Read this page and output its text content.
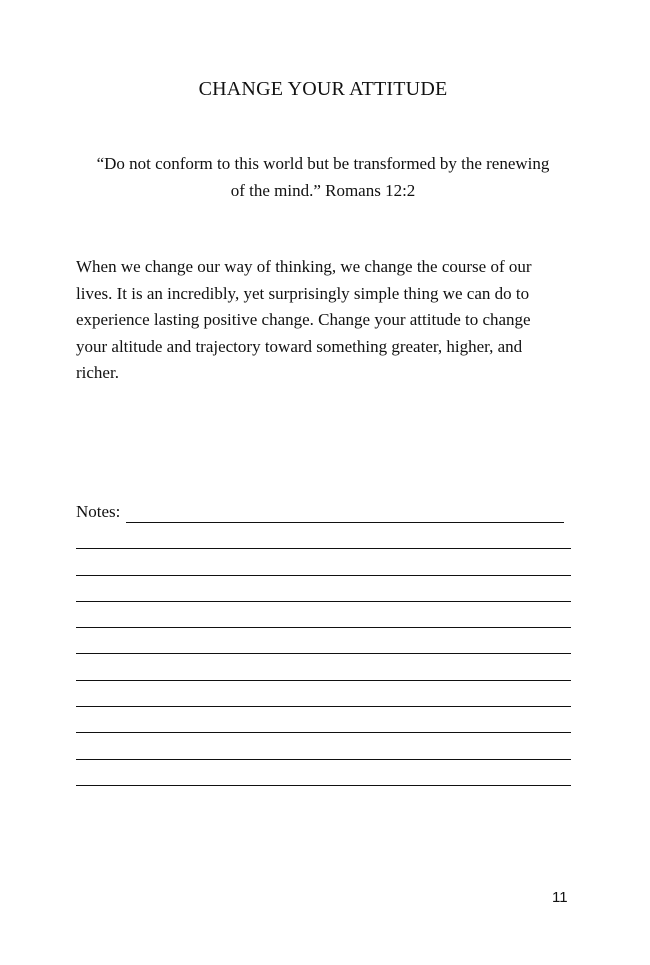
CHANGE YOUR ATTITUDE
“Do not conform to this world but be transformed by the renewing
of the mind.” Romans 12:2
When we change our way of thinking, we change the course of our
lives. It is an incredibly, yet surprisingly simple thing we can do to
experience lasting positive change. Change your attitude to change
your altitude and trajectory toward something greater, higher, and
richer.
Notes:
11
